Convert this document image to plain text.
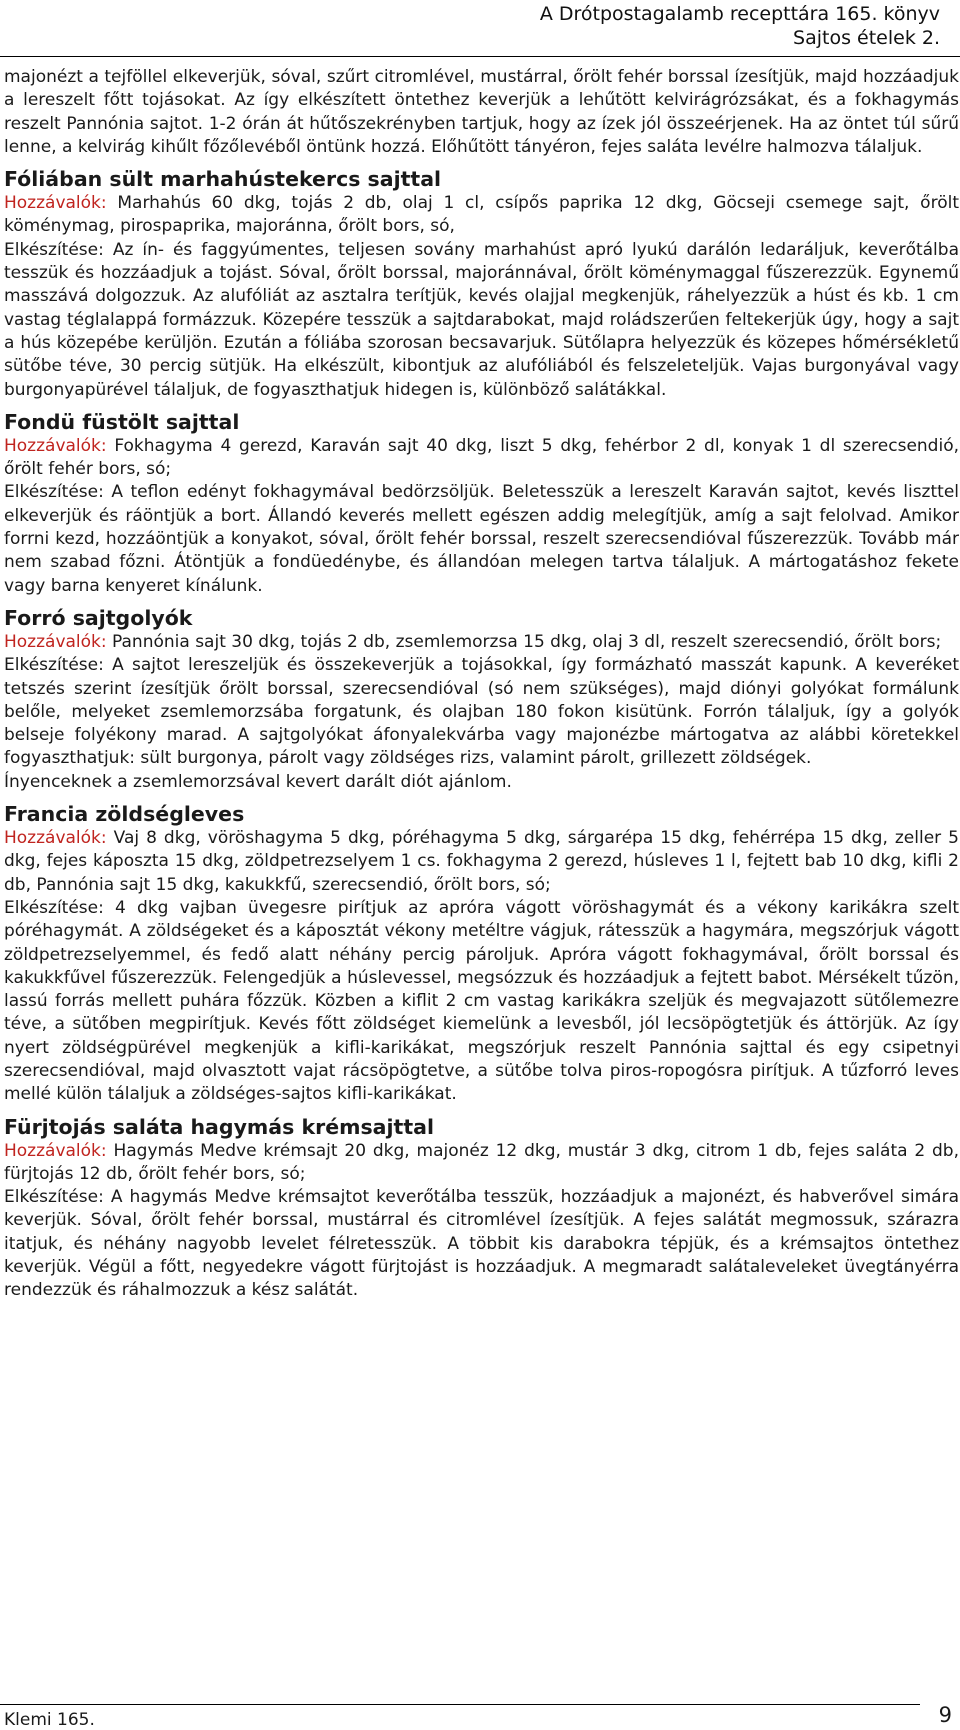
A Drótpostagalamb recepttára 165. könyv
Sajtos ételek 2.

majonézt a tejföllel elkeverjük, sóval, szűrt citromlével, mustárral, őrölt fehér borssal ízesítjük, majd hozzáadjuk a lereszelt főtt tojásokat. Az így elkészített öntethez keverjük a lehűtött kelvirágrózsákat, és a fokhagymás reszelt Pannónia sajtot. 1-2 órán át hűtőszekrényben tartjuk, hogy az ízek jól összeérjenek. Ha az öntet túl sűrű lenne, a kelvirág kihűlt főzőlevéből öntünk hozzá. Előhűtött tányéron, fejes saláta levélre halmozva tálaljuk.

Fóliában sült marhahústekercs sajttal

Hozzávalók: Marhahús 60 dkg, tojás 2 db, olaj 1 cl, csípős paprika 12 dkg, Göcseji csemege sajt, őrölt köménymag, pirospaprika, majoránna, őrölt bors, só,

Elkészítése: Az ín- és faggyúmentes, teljesen sovány marhahúst apró lyukú darálón ledaráljuk, keverőtálba tesszük és hozzáadjuk a tojást. Sóval, őrölt borssal, majoránnával, őrölt köménymaggal fűszerezzük. Egynemű masszává dolgozzuk. Az alufóliát az asztalra terítjük, kevés olajjal megkenjük, ráhelyezzük a húst és kb. 1 cm vastag téglalappá formázzuk. Közepére tesszük a sajtdarabokat, majd roládszerűen feltekerjük úgy, hogy a sajt a hús közepébe kerüljön. Ezután a fóliába szorosan becsavarjuk. Sütőlapra helyezzük és közepes hőmérsékletű sütőbe téve, 30 percig sütjük. Ha elkészült, kibontjuk az alufóliából és felszeleteljük. Vajas burgonyával vagy burgonyapürével tálaljuk, de fogyaszthatjuk hidegen is, különböző salátákkal.

Fondü füstölt sajttal

Hozzávalók: Fokhagyma 4 gerezd, Karaván sajt 40 dkg, liszt 5 dkg, fehérbor 2 dl, konyak 1 dl szerecsendió, őrölt fehér bors, só;

Elkészítése: A teflon edényt fokhagymával bedörzsöljük. Beletesszük a lereszelt Karaván sajtot, kevés liszttel elkeverjük és ráöntjük a bort. Állandó keverés mellett egészen addig melegítjük, amíg a sajt felolvad. Amikor forrni kezd, hozzáöntjük a konyakot, sóval, őrölt fehér borssal, reszelt szerecsendióval fűszerezzük. Tovább már nem szabad főzni. Átöntjük a fondüedénybe, és állandóan melegen tartva tálaljuk. A mártogatáshoz fekete vagy barna kenyeret kínálunk.

Forró sajtgolyók

Hozzávalók: Pannónia sajt 30 dkg, tojás 2 db, zsemlemorzsa 15 dkg, olaj 3 dl, reszelt szerecsendió, őrölt bors;

Elkészítése: A sajtot lereszeljük és összekeverjük a tojásokkal, így formázható masszát kapunk. A keveréket tetszés szerint ízesítjük őrölt borssal, szerecsendióval (só nem szükséges), majd diónyi golyókat formálunk belőle, melyeket zsemlemorzsába forgatunk, és olajban 180 fokon kisütünk. Forrón tálaljuk, így a golyók belseje folyékony marad. A sajtgolyókat áfonyalekvárba vagy majonézbe mártogatva az alábbi köretekkel fogyaszthatjuk: sült burgonya, párolt vagy zöldséges rizs, valamint párolt, grillezett zöldségek.

Ínyenceknek a zsemlemorzsával kevert darált diót ajánlom.

Francia zöldségleves

Hozzávalók: Vaj 8 dkg, vöröshagyma 5 dkg, póréhagyma 5 dkg, sárgarépa 15 dkg, fehérrépa 15 dkg, zeller 5 dkg, fejes káposzta 15 dkg, zöldpetrezselyem 1 cs. fokhagyma 2 gerezd, húsleves 1 l, fejtett bab 10 dkg, kifli 2 db, Pannónia sajt 15 dkg, kakukkfű, szerecsendió, őrölt bors, só;

Elkészítése: 4 dkg vajban üvegesre pirítjuk az apróra vágott vöröshagymát és a vékony karikákra szelt póréhagymát. A zöldségeket és a káposztát vékony metéltre vágjuk, rátesszük a hagymára, megszórjuk vágott zöldpetrezselyemmel, és fedő alatt néhány percig pároljuk. Apróra vágott fokhagymával, őrölt borssal és kakukkfűvel fűszerezzük. Felengedjük a húslevessel, megsózzuk és hozzáadjuk a fejtett babot. Mérsékelt tűzön, lassú forrás mellett puhára főzzük. Közben a kiflit 2 cm vastag karikákra szeljük és megvajazott sütőlemezre téve, a sütőben megpirítjuk. Kevés főtt zöldséget kiemelünk a levesből, jól lecsöpögtetjük és áttörjük. Az így nyert zöldségpürével megkenjük a kifli-karikákat, megszórjuk reszelt Pannónia sajttal és egy csipetnyi szerecsendióval, majd olvasztott vajat rácsöpögtetve, a sütőbe tolva piros-ropogósra pirítjuk. A tűzforró leves mellé külön tálaljuk a zöldséges-sajtos kifli-karikákat.

Fürjtojás saláta hagymás krémsajttal

Hozzávalók: Hagymás Medve krémsajt 20 dkg, majonéz 12 dkg, mustár 3 dkg, citrom 1 db, fejes saláta 2 db, fürjtojás 12 db, őrölt fehér bors, só;

Elkészítése: A hagymás Medve krémsajtot keverőtálba tesszük, hozzáadjuk a majonézt, és habverővel simára keverjük. Sóval, őrölt fehér borssal, mustárral és citromlével ízesítjük. A fejes salátát megmossuk, szárazra itatjuk, és néhány nagyobb levelet félretesszük. A többit kis darabokra tépjük, és a krémsajtos öntethez keverjük. Végül a főtt, negyedekre vágott fürjtojást is hozzáadjuk. A megmaradt salátaleveleket üvegtányérra rendezzük és ráhalmozzuk a kész salátát.

Klemi 165.	9
